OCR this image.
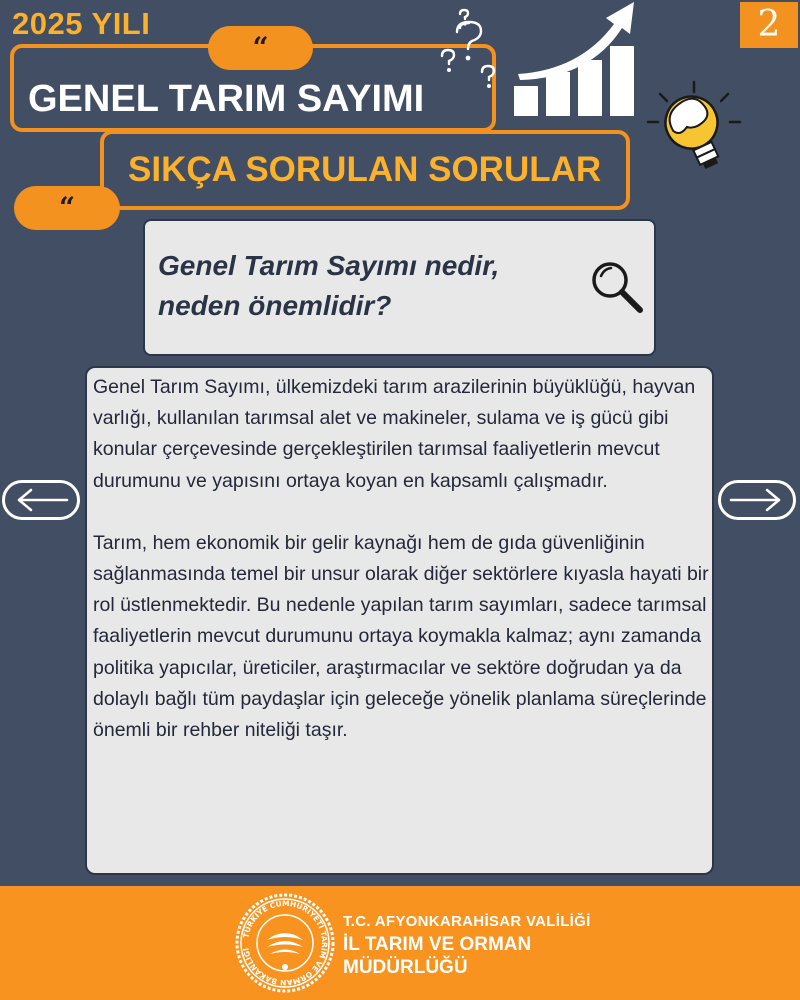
2025 YILI
“
GENEL TARIM SAYIMI
SIKÇA SORULAN SORULAR
“
2
Genel Tarım Sayımı nedir,
neden önemlidir?

Genel Tarım Sayımı, ülkemizdeki tarım arazilerinin büyüklüğü, hayvan varlığı, kullanılan tarımsal alet ve makineler, sulama ve iş gücü gibi konular çerçevesinde gerçekleştirilen tarımsal faaliyetlerin mevcut durumunu ve yapısını ortaya koyan en kapsamlı çalışmadır.

Tarım, hem ekonomik bir gelir kaynağı hem de gıda güvenliğinin sağlanmasında temel bir unsur olarak diğer sektörlere kıyasla hayati bir rol üstlenmektedir. Bu nedenle yapılan tarım sayımları, sadece tarımsal faaliyetlerin mevcut durumunu ortaya koymakla kalmaz; aynı zamanda politika yapıcılar, üreticiler, araştırmacılar ve sektöre doğrudan ya da dolaylı bağlı tüm paydaşlar için geleceğe yönelik planlama süreçlerinde önemli bir rehber niteliği taşır.

TÜRKİYE CUMHURİYETİ TARIM VE ORMAN BAKANLIĞI
T.C. AFYONKARAHİSAR VALİLİĞİ
İL TARIM VE ORMAN
MÜDÜRLÜĞÜ
